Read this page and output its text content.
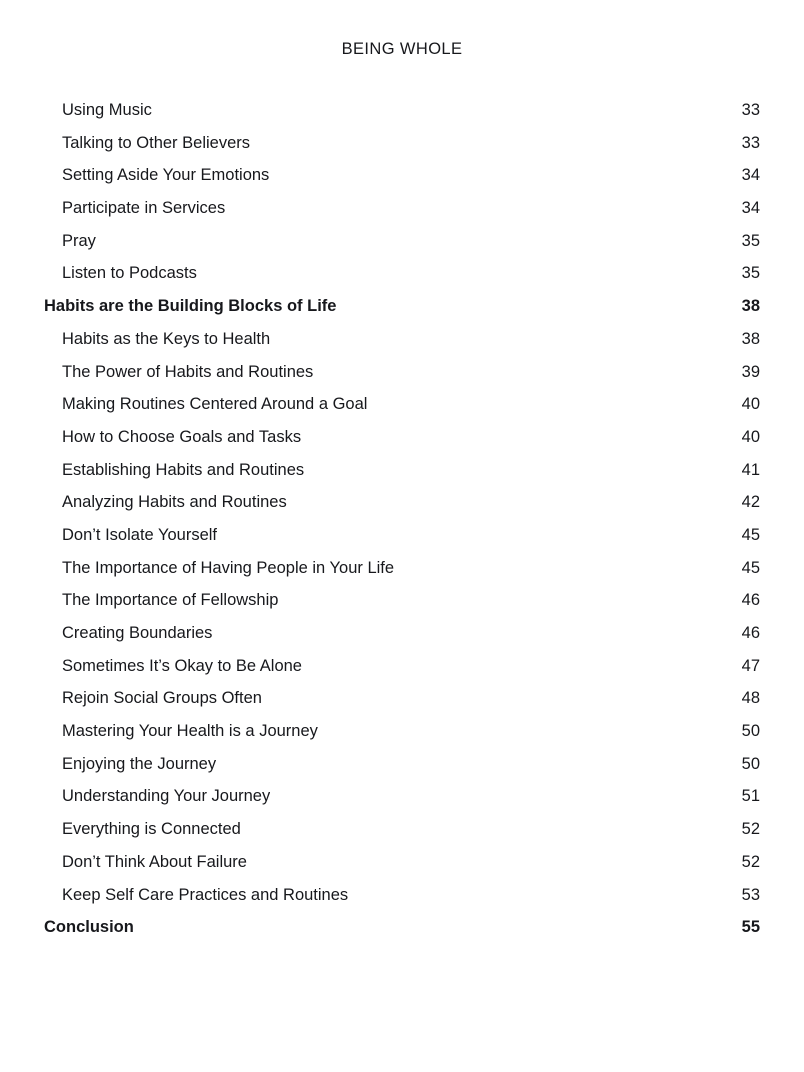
BEING WHOLE
Using Music	33
Talking to Other Believers	33
Setting Aside Your Emotions	34
Participate in Services	34
Pray	35
Listen to Podcasts	35
Habits are the Building Blocks of Life	38
Habits as the Keys to Health	38
The Power of Habits and Routines	39
Making Routines Centered Around a Goal	40
How to Choose Goals and Tasks	40
Establishing Habits and Routines	41
Analyzing Habits and Routines	42
Don’t Isolate Yourself	45
The Importance of Having People in Your Life	45
The Importance of Fellowship	46
Creating Boundaries	46
Sometimes It’s Okay to Be Alone	47
Rejoin Social Groups Often	48
Mastering Your Health is a Journey	50
Enjoying the Journey	50
Understanding Your Journey	51
Everything is Connected	52
Don’t Think About Failure	52
Keep Self Care Practices and Routines	53
Conclusion	55
